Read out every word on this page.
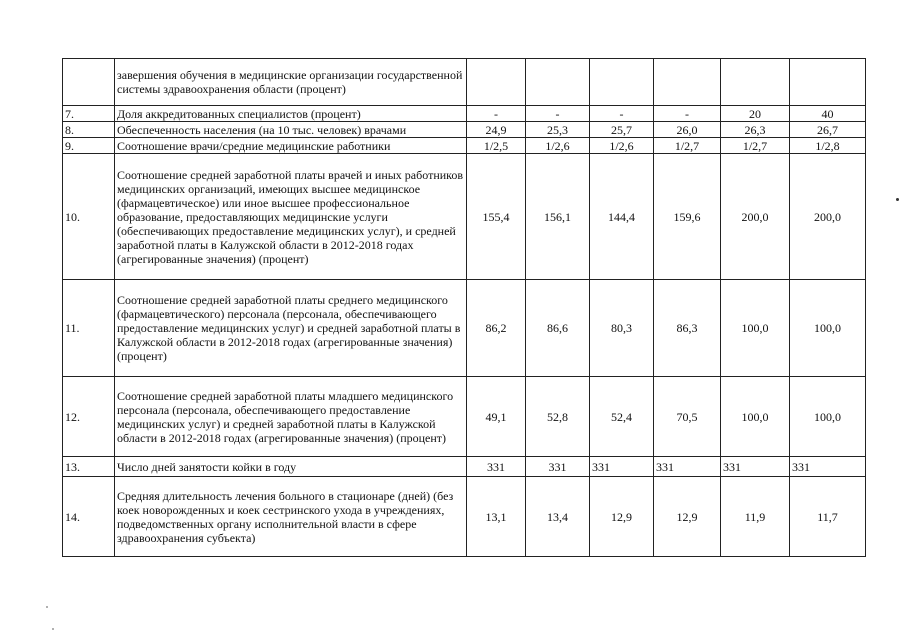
	завершения обучения в медицинские организации государственной системы здравоохранения области (процент)						
7.	Доля аккредитованных специалистов (процент)	-	-	-	-	20	40
8.	Обеспеченность населения (на 10 тыс. человек) врачами	24,9	25,3	25,7	26,0	26,3	26,7
9.	Соотношение врачи/средние медицинские работники	1/2,5	1/2,6	1/2,6	1/2,7	1/2,7	1/2,8
10.	Соотношение средней заработной платы врачей и иных работников медицинских организаций, имеющих высшее медицинское (фармацевтическое) или иное высшее профессиональное образование, предоставляющих медицинские услуги (обеспечивающих предоставление медицинских услуг), и средней заработной платы в Калужской области в 2012-2018 годах (агрегированные значения) (процент)	155,4	156,1	144,4	159,6	200,0	200,0
11.	Соотношение средней заработной платы среднего медицинского (фармацевтического) персонала (персонала, обеспечивающего предоставление медицинских услуг) и средней заработной платы в Калужской области в 2012-2018 годах (агрегированные значения) (процент)	86,2	86,6	80,3	86,3	100,0	100,0
12.	Соотношение средней заработной платы младшего медицинского персонала (персонала, обеспечивающего предоставление медицинских услуг) и средней заработной платы в Калужской области в 2012-2018 годах (агрегированные значения) (процент)	49,1	52,8	52,4	70,5	100,0	100,0
13.	Число дней занятости койки в году	331	331	331	331	331	331
14.	Средняя длительность лечения больного в стационаре (дней) (без коек новорожденных и коек сестринского ухода в учреждениях, подведомственных органу исполнительной власти в сфере здравоохранения субъекта)	13,1	13,4	12,9	12,9	11,9	11,7
